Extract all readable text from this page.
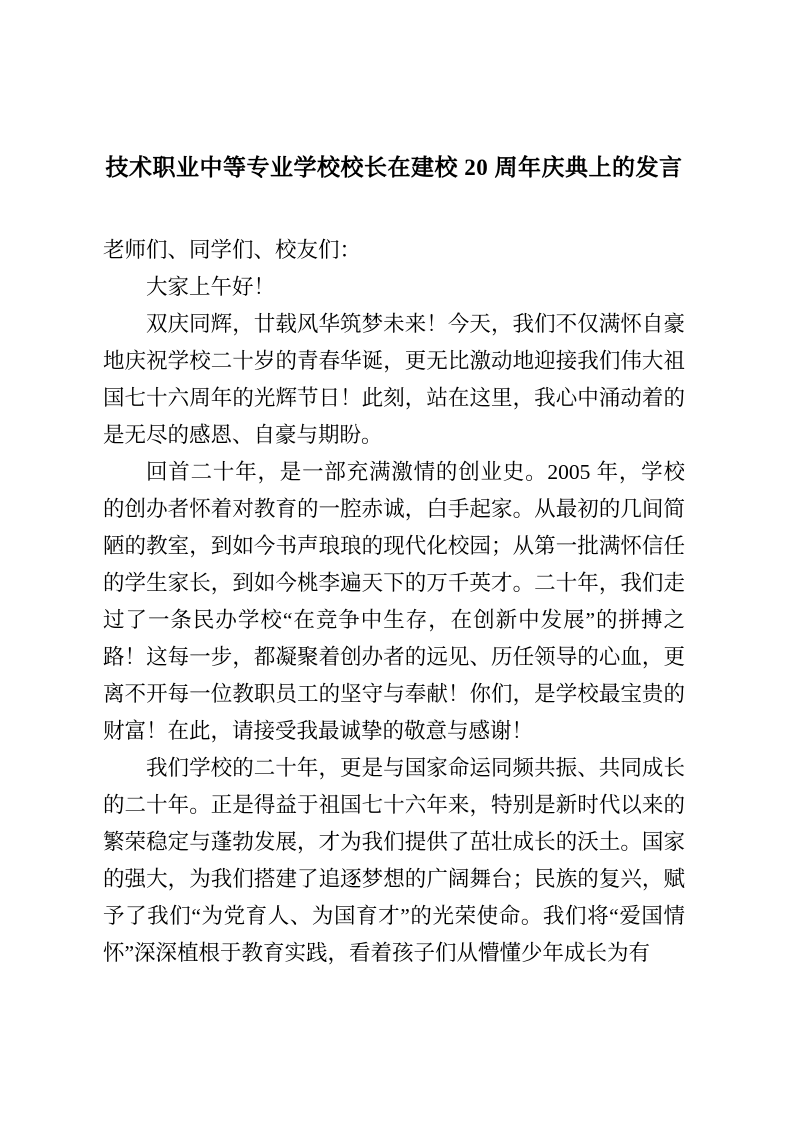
技术职业中等专业学校校长在建校 20 周年庆典上的发言

老师们、同学们、校友们：

大家上午好！

双庆同辉，廿载风华筑梦未来！今天，我们不仅满怀自豪地庆祝学校二十岁的青春华诞，更无比激动地迎接我们伟大祖国七十六周年的光辉节日！此刻，站在这里，我心中涌动着的是无尽的感恩、自豪与期盼。

回首二十年，是一部充满激情的创业史。2005 年，学校的创办者怀着对教育的一腔赤诚，白手起家。从最初的几间简陋的教室，到如今书声琅琅的现代化校园；从第一批满怀信任的学生家长，到如今桃李遍天下的万千英才。二十年，我们走过了一条民办学校“在竞争中生存，在创新中发展”的拼搏之路！这每一步，都凝聚着创办者的远见、历任领导的心血，更离不开每一位教职员工的坚守与奉献！你们，是学校最宝贵的财富！在此，请接受我最诚挚的敬意与感谢！

我们学校的二十年，更是与国家命运同频共振、共同成长的二十年。正是得益于祖国七十六年来，特别是新时代以来的繁荣稳定与蓬勃发展，才为我们提供了茁壮成长的沃土。国家的强大，为我们搭建了追逐梦想的广阔舞台；民族的复兴，赋予了我们“为党育人、为国育才”的光荣使命。我们将“爱国情怀”深深植根于教育实践，看着孩子们从懵懂少年成长为有
